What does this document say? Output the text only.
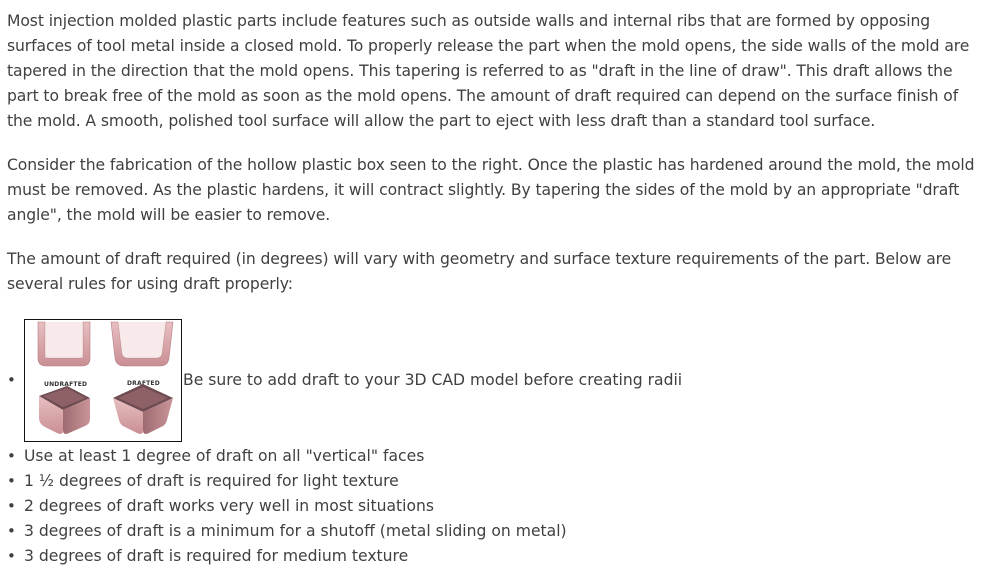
Most injection molded plastic parts include features such as outside walls and internal ribs that are formed by opposing surfaces of tool metal inside a closed mold. To properly release the part when the mold opens, the side walls of the mold are tapered in the direction that the mold opens. This tapering is referred to as "draft in the line of draw". This draft allows the part to break free of the mold as soon as the mold opens. The amount of draft required can depend on the surface finish of the mold. A smooth, polished tool surface will allow the part to eject with less draft than a standard tool surface.

Consider the fabrication of the hollow plastic box seen to the right. Once the plastic has hardened around the mold, the mold must be removed. As the plastic hardens, it will contract slightly. By tapering the sides of the mold by an appropriate "draft angle", the mold will be easier to remove.

The amount of draft required (in degrees) will vary with geometry and surface texture requirements of the part. Below are several rules for using draft properly:

•	UNDRAFTED	DRAFTED Be sure to add draft to your 3D CAD model before creating radii
• Use at least 1 degree of draft on all "vertical" faces
• 1 ½ degrees of draft is required for light texture
• 2 degrees of draft works very well in most situations
• 3 degrees of draft is a minimum for a shutoff (metal sliding on metal)
• 3 degrees of draft is required for medium texture
